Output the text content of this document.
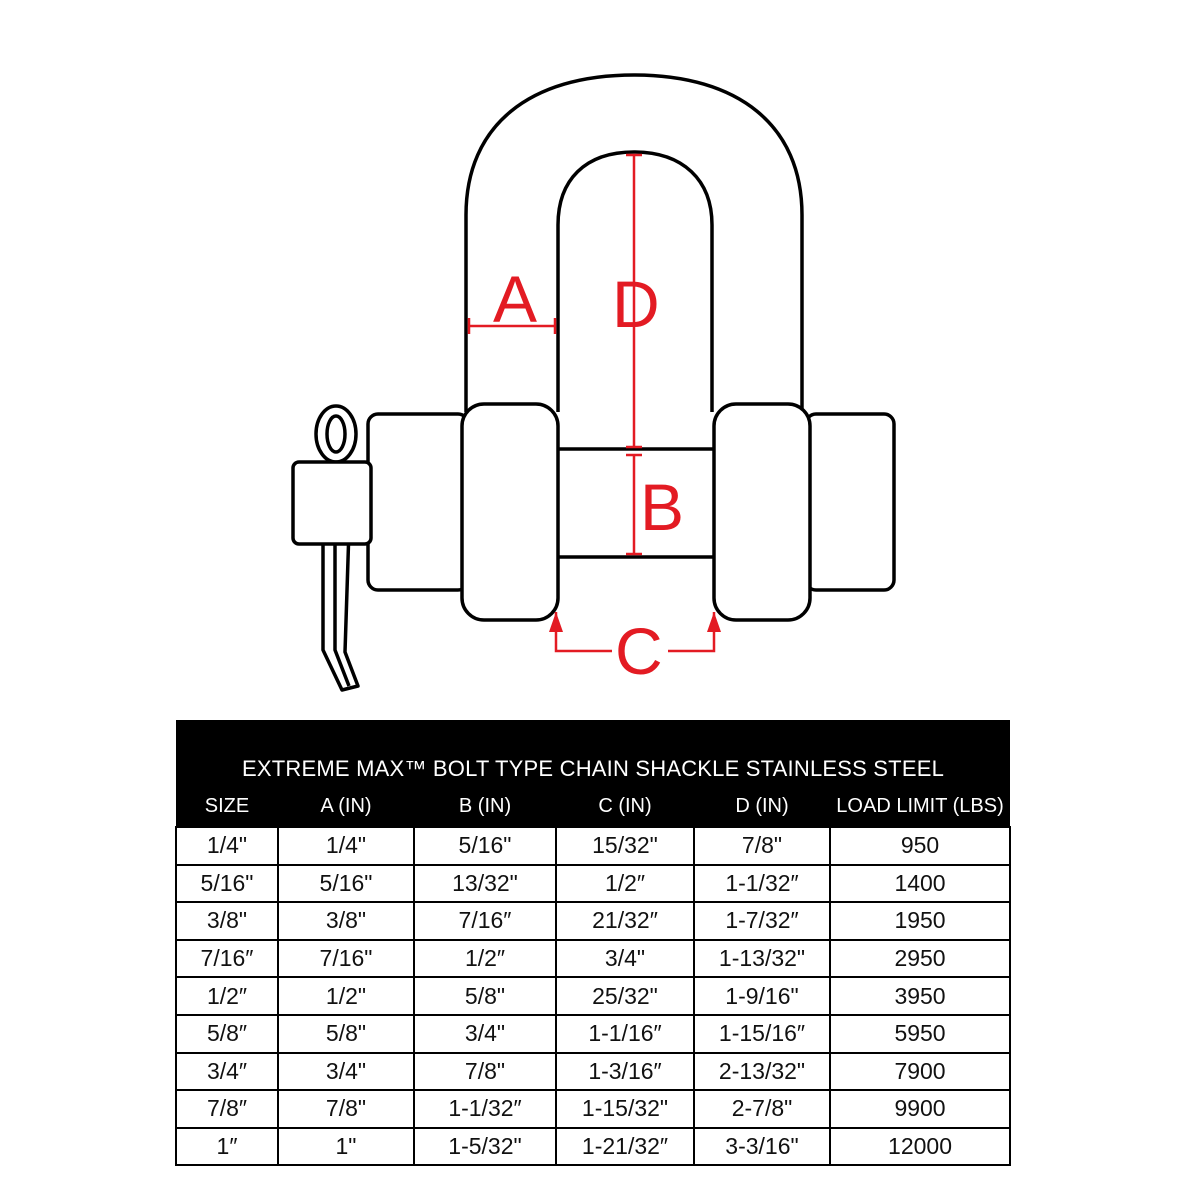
A D
B
C
EXTREME MAX™ BOLT TYPE CHAIN SHACKLE STAINLESS STEEL					
SIZE	A (IN)	B (IN)	C (IN)	D (IN)	LOAD LIMIT (LBS)
1/4"	1/4"	5/16"	15/32"	7/8"	950
5/16"	5/16"	13/32"	1/2″	1-1/32″	1400
3/8"	3/8"	7/16″	21/32″	1-7/32″	1950
7/16″	7/16"	1/2″	3/4"	1-13/32"	2950
1/2″	1/2"	5/8"	25/32"	1-9/16"	3950
5/8″	5/8"	3/4"	1-1/16″	1-15/16″	5950
3/4″	3/4"	7/8"	1-3/16″	2-13/32"	7900
7/8″	7/8"	1-1/32″	1-15/32"	2-7/8"	9900
1″	1"	1-5/32"	1-21/32″	3-3/16"	12000
